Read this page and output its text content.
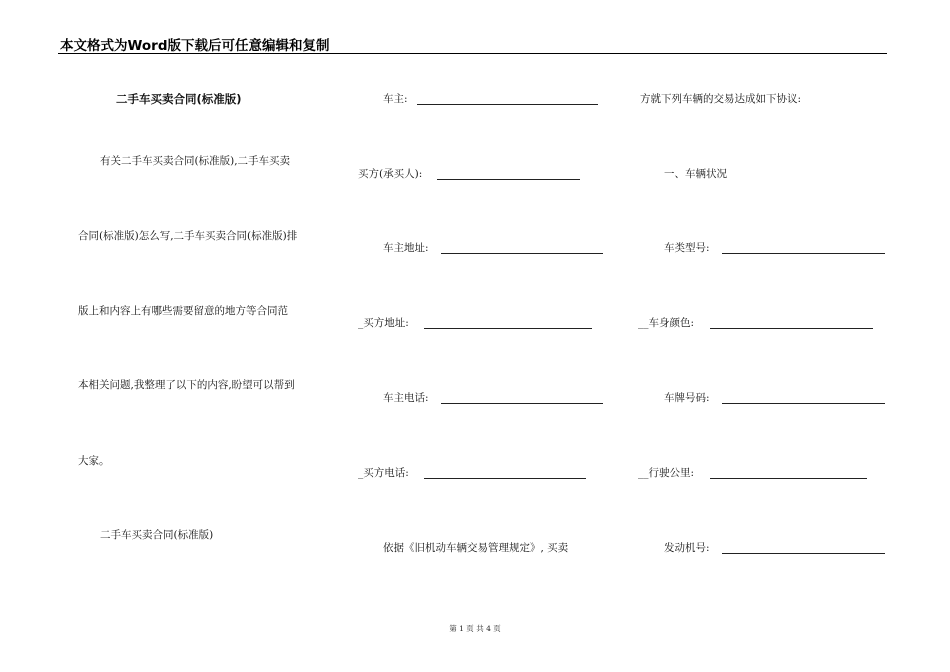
本文格式为Word版下载后可任意编辑和复制
二手车买卖合同(标准版)
有关二手车买卖合同(标准版),二手车买卖
合同(标准版)怎么写,二手车买卖合同(标准版)排
版上和内容上有哪些需要留意的地方等合同范
本相关问题,我整理了以下的内容,盼望可以帮到
大家。
二手车买卖合同(标准版)
车主:
买方(承买人):
车主地址:
_买方地址:
车主电话:
_买方电话:
依据《旧机动车辆交易管理规定》, 买卖
方就下列车辆的交易达成如下协议:
一、车辆状况
车类型号:
__车身颜色:
车牌号码:
__行驶公里:
发动机号:
第 1 页 共 4 页
